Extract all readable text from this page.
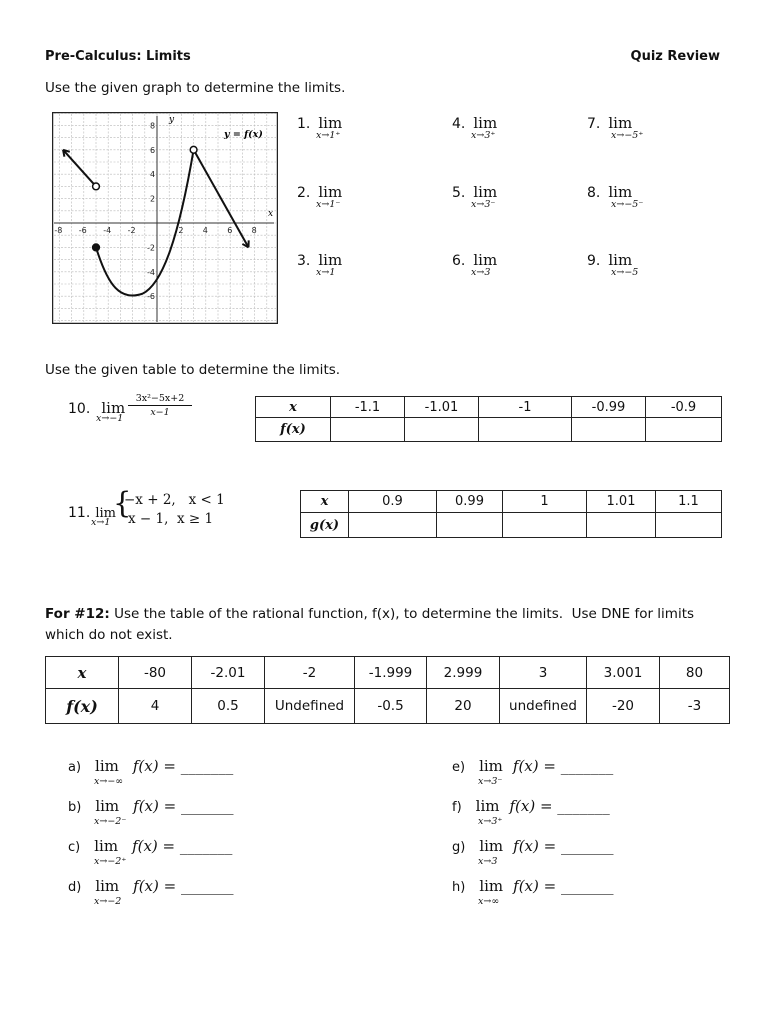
Pre-Calculus: Limits	Quiz Review
Use the given graph to determine the limits.
-8 -6 -4 -2	2 4 6 8
8
6
4
2
-2
-4
-6
y = f(x)
x
y	1. lim
x→1⁺
2. lim
x→1⁻
3. lim
x→1
4. lim
x→3⁺
5. lim
x→3⁻
6. lim
x→3
7. lim
x→−5⁺
8. lim
x→−5⁻
9. lim
x→−5
Use the given table to determine the limits.
10. lim
x→−1
$\frac{\text{3x²−5x+2}}{x-1}$	x	-1.1	-1.01	-1	-0.99	-0.9
f(x)					
11. lim
x→1
{
−x + 2,   x < 1
x − 1,  x ≥ 1
x	0.9	0.99	1	1.01	1.1
g(x)					
For #12: Use the table of the rational function, f(x), to determine the limits.  Use DNE for limits
which do not exist.
x	-80	-2.01	-2	-1.999	2.999	3	3.001	80
f(x)	4	0.5	Undefined	-0.5	20	undefined	-20	-3
a) lim
x→−∞
f(x) = _______
b) lim
x→−2⁻
f(x) = _______
c) lim
x→−2⁺
f(x) = _______
d) lim
x→−2
f(x) = _______
e) lim
x→3⁻
f(x) = _______
f) lim
x→3⁺
f(x) = _______
g) lim
x→3
f(x) = _______
h) lim
x→∞
f(x) = _______
